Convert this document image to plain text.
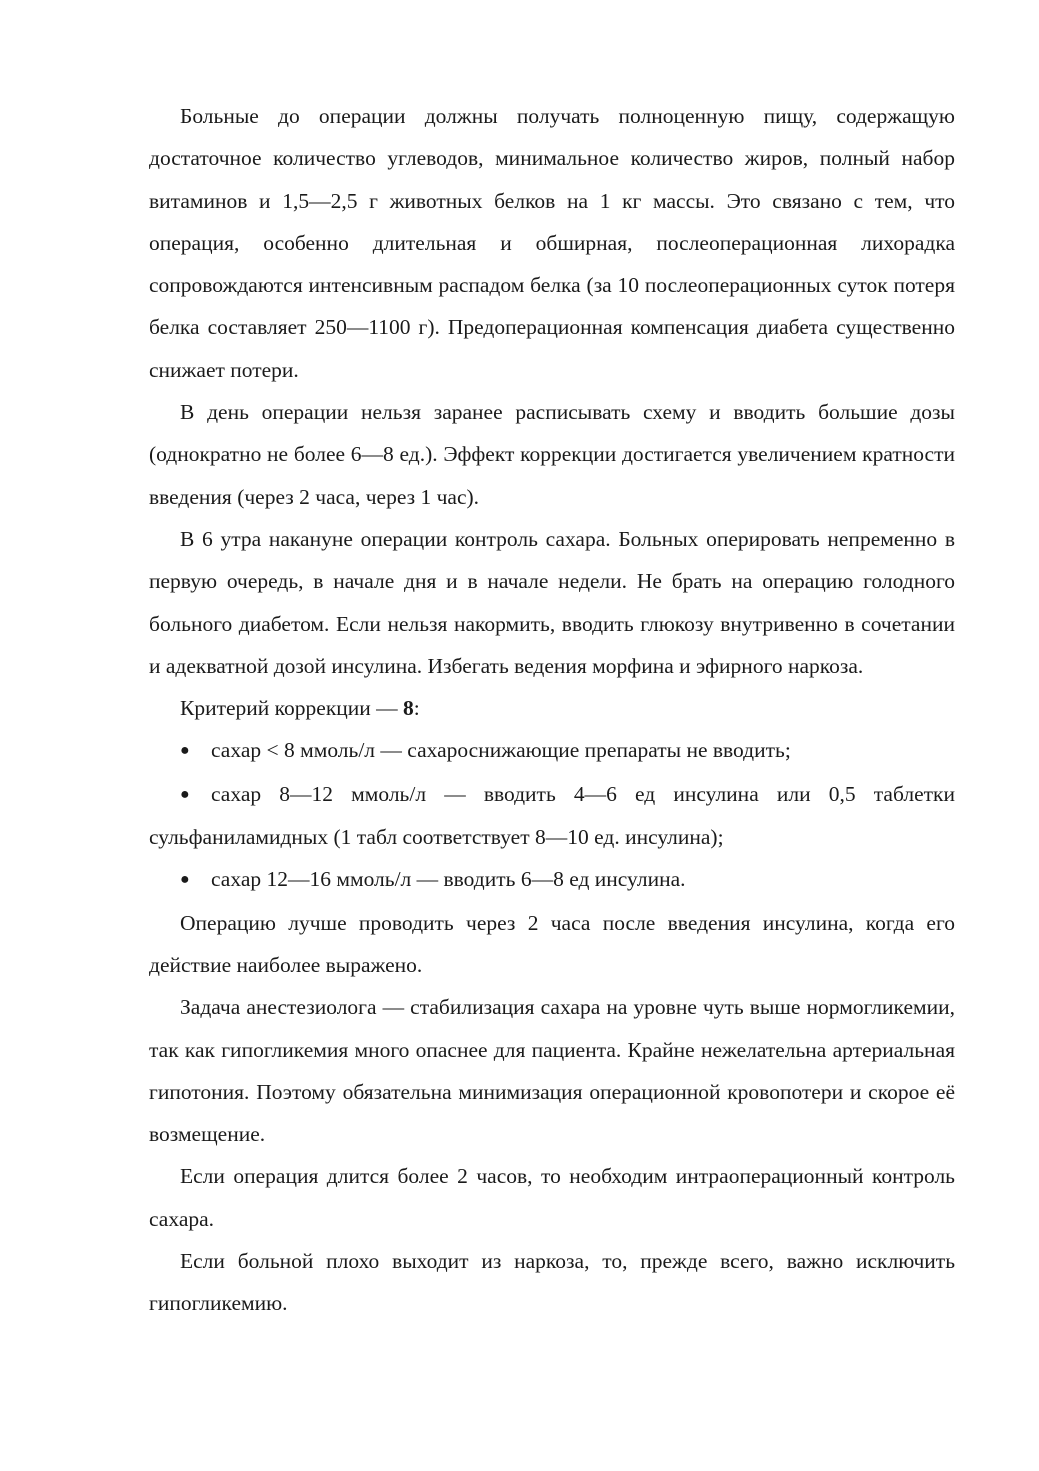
Больные до операции должны получать полноценную пищу, содержащую достаточное количество углеводов, минимальное количество жиров, полный набор витаминов и 1,5—2,5 г животных белков на 1 кг массы. Это связано с тем, что операция, особенно длительная и обширная, послеоперационная лихорадка сопровождаются интенсивным распадом белка (за 10 послеоперационных суток потеря белка составляет 250—1100 г). Предоперационная компенсация диабета существенно снижает потери.

В день операции нельзя заранее расписывать схему и вводить большие дозы (однократно не более 6—8 ед.). Эффект коррекции достигается увеличением кратности введения (через 2 часа, через 1 час).

В 6 утра накануне операции контроль сахара. Больных оперировать непременно в первую очередь, в начале дня и в начале недели. Не брать на операцию голодного больного диабетом. Если нельзя накормить, вводить глюкозу внутривенно в сочетании и адекватной дозой инсулина. Избегать ведения морфина и эфирного наркоза.

Критерий коррекции — 8:

● сахар < 8 ммоль/л — сахароснижающие препараты не вводить;
● сахар 8—12 ммоль/л — вводить 4—6 ед инсулина или 0,5 таблетки сульфаниламидных (1 табл соответствует 8—10 ед. инсулина);
● сахар 12—16 ммоль/л — вводить 6—8 ед инсулина.

Операцию лучше проводить через 2 часа после введения инсулина, когда его действие наиболее выражено.

Задача анестезиолога — стабилизация сахара на уровне чуть выше нормогликемии, так как гипогликемия много опаснее для пациента. Крайне нежелательна артериальная гипотония. Поэтому обязательна минимизация операционной кровопотери и скорое её возмещение.

Если операция длится более 2 часов, то необходим интраоперационный контроль сахара.

Если больной плохо выходит из наркоза, то, прежде всего, важно исключить гипогликемию.
